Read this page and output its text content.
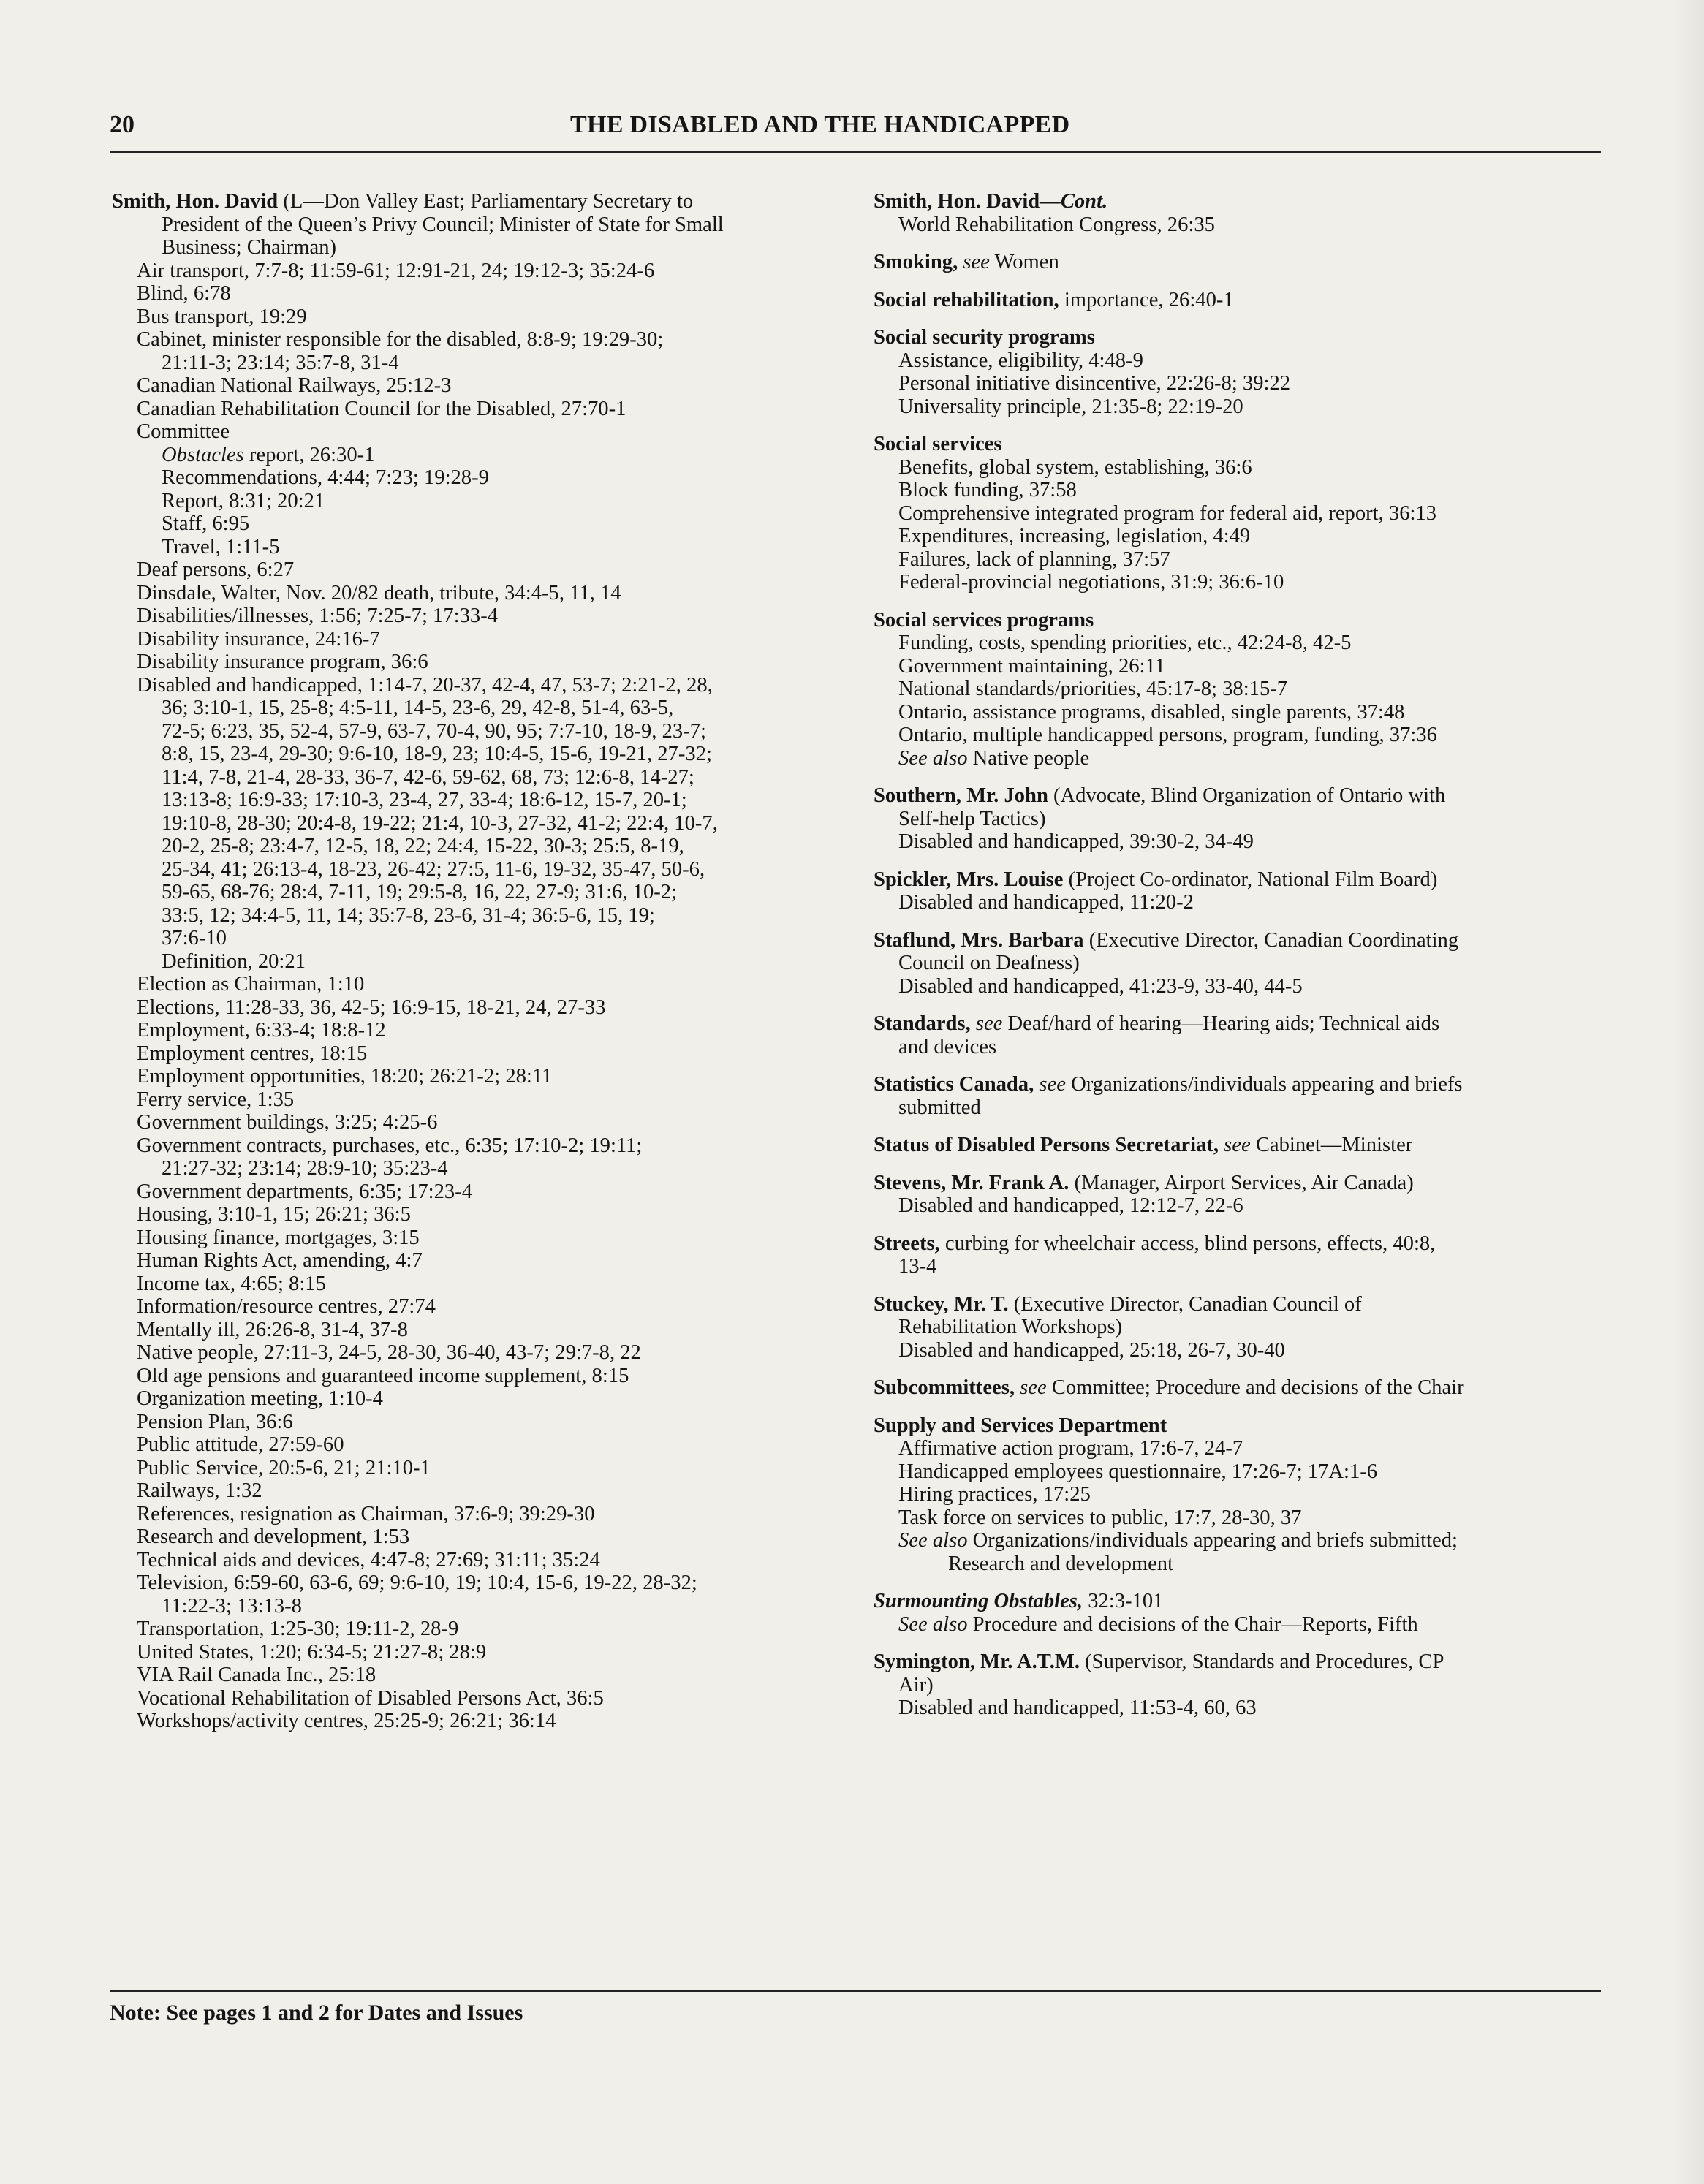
20	THE DISABLED AND THE HANDICAPPED
Smith, Hon. David (L—Don Valley East; Parliamentary Secretary to
President of the Queen’s Privy Council; Minister of State for Small
Business; Chairman)
Air transport, 7:7-8; 11:59-61; 12:91-21, 24; 19:12-3; 35:24-6
Blind, 6:78
Bus transport, 19:29
Cabinet, minister responsible for the disabled, 8:8-9; 19:29-30;
21:11-3; 23:14; 35:7-8, 31-4
Canadian National Railways, 25:12-3
Canadian Rehabilitation Council for the Disabled, 27:70-1
Committee
Obstacles report, 26:30-1
Recommendations, 4:44; 7:23; 19:28-9
Report, 8:31; 20:21
Staff, 6:95
Travel, 1:11-5
Deaf persons, 6:27
Dinsdale, Walter, Nov. 20/82 death, tribute, 34:4-5, 11, 14
Disabilities/illnesses, 1:56; 7:25-7; 17:33-4
Disability insurance, 24:16-7
Disability insurance program, 36:6
Disabled and handicapped, 1:14-7, 20-37, 42-4, 47, 53-7; 2:21-2, 28,
36; 3:10-1, 15, 25-8; 4:5-11, 14-5, 23-6, 29, 42-8, 51-4, 63-5,
72-5; 6:23, 35, 52-4, 57-9, 63-7, 70-4, 90, 95; 7:7-10, 18-9, 23-7;
8:8, 15, 23-4, 29-30; 9:6-10, 18-9, 23; 10:4-5, 15-6, 19-21, 27-32;
11:4, 7-8, 21-4, 28-33, 36-7, 42-6, 59-62, 68, 73; 12:6-8, 14-27;
13:13-8; 16:9-33; 17:10-3, 23-4, 27, 33-4; 18:6-12, 15-7, 20-1;
19:10-8, 28-30; 20:4-8, 19-22; 21:4, 10-3, 27-32, 41-2; 22:4, 10-7,
20-2, 25-8; 23:4-7, 12-5, 18, 22; 24:4, 15-22, 30-3; 25:5, 8-19,
25-34, 41; 26:13-4, 18-23, 26-42; 27:5, 11-6, 19-32, 35-47, 50-6,
59-65, 68-76; 28:4, 7-11, 19; 29:5-8, 16, 22, 27-9; 31:6, 10-2;
33:5, 12; 34:4-5, 11, 14; 35:7-8, 23-6, 31-4; 36:5-6, 15, 19;
37:6-10
Definition, 20:21
Election as Chairman, 1:10
Elections, 11:28-33, 36, 42-5; 16:9-15, 18-21, 24, 27-33
Employment, 6:33-4; 18:8-12
Employment centres, 18:15
Employment opportunities, 18:20; 26:21-2; 28:11
Ferry service, 1:35
Government buildings, 3:25; 4:25-6
Government contracts, purchases, etc., 6:35; 17:10-2; 19:11;
21:27-32; 23:14; 28:9-10; 35:23-4
Government departments, 6:35; 17:23-4
Housing, 3:10-1, 15; 26:21; 36:5
Housing finance, mortgages, 3:15
Human Rights Act, amending, 4:7
Income tax, 4:65; 8:15
Information/resource centres, 27:74
Mentally ill, 26:26-8, 31-4, 37-8
Native people, 27:11-3, 24-5, 28-30, 36-40, 43-7; 29:7-8, 22
Old age pensions and guaranteed income supplement, 8:15
Organization meeting, 1:10-4
Pension Plan, 36:6
Public attitude, 27:59-60
Public Service, 20:5-6, 21; 21:10-1
Railways, 1:32
References, resignation as Chairman, 37:6-9; 39:29-30
Research and development, 1:53
Technical aids and devices, 4:47-8; 27:69; 31:11; 35:24
Television, 6:59-60, 63-6, 69; 9:6-10, 19; 10:4, 15-6, 19-22, 28-32;
11:22-3; 13:13-8
Transportation, 1:25-30; 19:11-2, 28-9
United States, 1:20; 6:34-5; 21:27-8; 28:9
VIA Rail Canada Inc., 25:18
Vocational Rehabilitation of Disabled Persons Act, 36:5
Workshops/activity centres, 25:25-9; 26:21; 36:14
Smith, Hon. David—Cont.
World Rehabilitation Congress, 26:35
Smoking, see Women
Social rehabilitation, importance, 26:40-1
Social security programs
Assistance, eligibility, 4:48-9
Personal initiative disincentive, 22:26-8; 39:22
Universality principle, 21:35-8; 22:19-20
Social services
Benefits, global system, establishing, 36:6
Block funding, 37:58
Comprehensive integrated program for federal aid, report, 36:13
Expenditures, increasing, legislation, 4:49
Failures, lack of planning, 37:57
Federal-provincial negotiations, 31:9; 36:6-10
Social services programs
Funding, costs, spending priorities, etc., 42:24-8, 42-5
Government maintaining, 26:11
National standards/priorities, 45:17-8; 38:15-7
Ontario, assistance programs, disabled, single parents, 37:48
Ontario, multiple handicapped persons, program, funding, 37:36
See also Native people
Southern, Mr. John (Advocate, Blind Organization of Ontario with
Self-help Tactics)
Disabled and handicapped, 39:30-2, 34-49
Spickler, Mrs. Louise (Project Co-ordinator, National Film Board)
Disabled and handicapped, 11:20-2
Staflund, Mrs. Barbara (Executive Director, Canadian Coordinating
Council on Deafness)
Disabled and handicapped, 41:23-9, 33-40, 44-5
Standards, see Deaf/hard of hearing—Hearing aids; Technical aids
and devices
Statistics Canada, see Organizations/individuals appearing and briefs
submitted
Status of Disabled Persons Secretariat, see Cabinet—Minister
Stevens, Mr. Frank A. (Manager, Airport Services, Air Canada)
Disabled and handicapped, 12:12-7, 22-6
Streets, curbing for wheelchair access, blind persons, effects, 40:8,
13-4
Stuckey, Mr. T. (Executive Director, Canadian Council of
Rehabilitation Workshops)
Disabled and handicapped, 25:18, 26-7, 30-40
Subcommittees, see Committee; Procedure and decisions of the Chair
Supply and Services Department
Affirmative action program, 17:6-7, 24-7
Handicapped employees questionnaire, 17:26-7; 17A:1-6
Hiring practices, 17:25
Task force on services to public, 17:7, 28-30, 37
See also Organizations/individuals appearing and briefs submitted;
Research and development
Surmounting Obstables, 32:3-101
See also Procedure and decisions of the Chair—Reports, Fifth
Symington, Mr. A.T.M. (Supervisor, Standards and Procedures, CP
Air)
Disabled and handicapped, 11:53-4, 60, 63
Note: See pages 1 and 2 for Dates and Issues
